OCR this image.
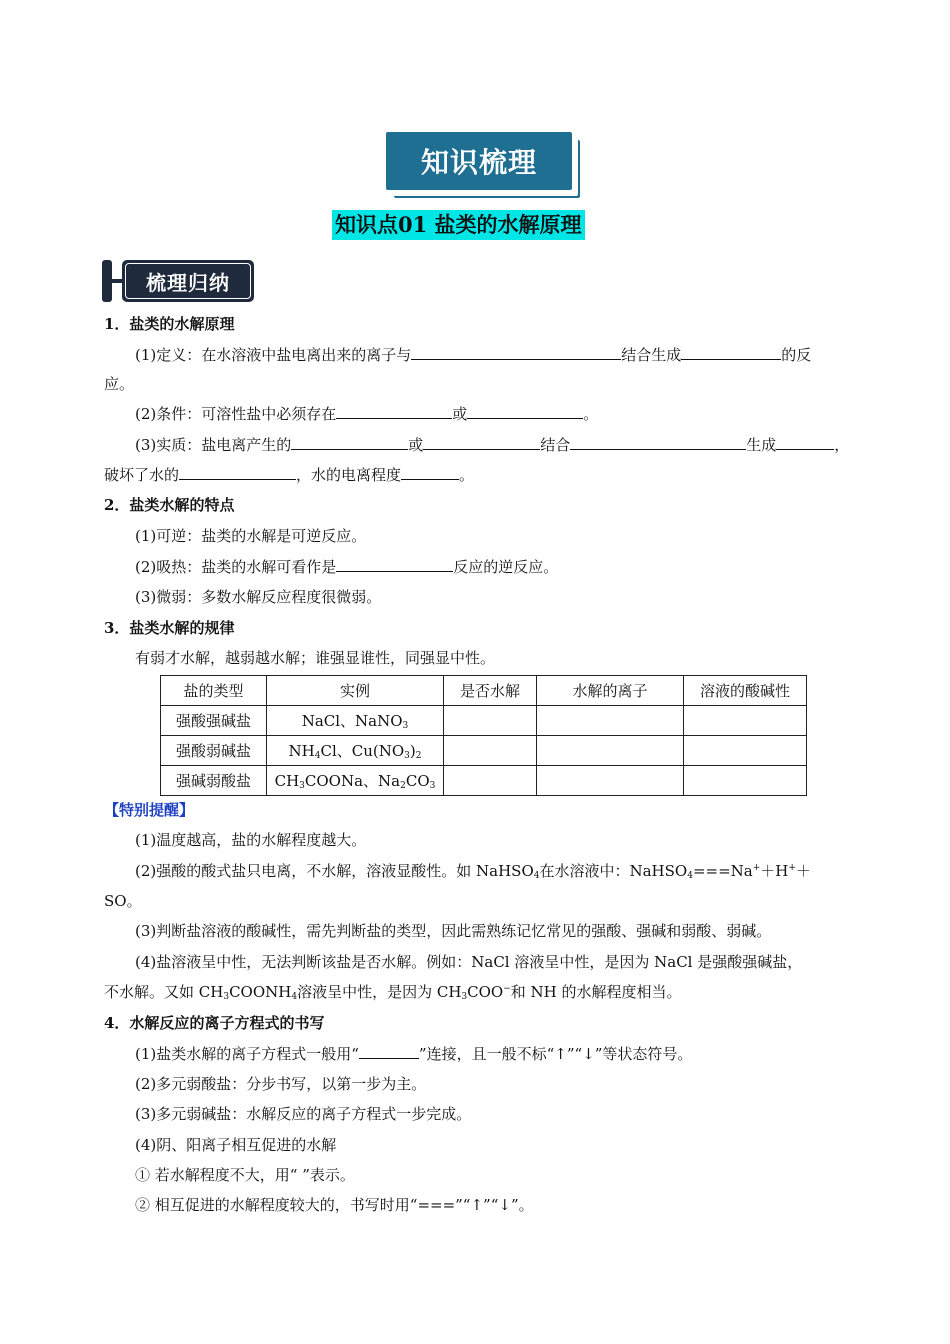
知识梳理
知识点01 盐类的水解原理
梳理归纳
1．盐类的水解原理
(1)定义：在水溶液中盐电离出来的离子与	结合生成	的反
应。
(2)条件：可溶性盐中必须存在	或	。
(3)实质：盐电离产生的	或	结合	生成	，
破坏了水的	，水的电离程度	。
2．盐类水解的特点
(1)可逆：盐类的水解是可逆反应。
(2)吸热：盐类的水解可看作是	反应的逆反应。
(3)微弱：多数水解反应程度很微弱。
3．盐类水解的规律
有弱才水解，越弱越水解；谁强显谁性，同强显中性。
盐的类型	实例	是否水解	水解的离子	溶液的酸碱性
强酸强碱盐	NaCl、NaNO$_3$			
强酸弱碱盐	$NH_4Cl$、$Cu(NO_3)_2$			
强碱弱酸盐	$CH_3COONa$、$Na_2CO_3$			
【特别提醒】
(1)温度越高，盐的水解程度越大。
(2)强酸的酸式盐只电离，不水解，溶液显酸性。如 NaHSO$_4$在水溶液中：NaHSO$_4$===Na+＋H+＋
SO。
(3)判断盐溶液的酸碱性，需先判断盐的类型，因此需熟练记忆常见的强酸、强碱和弱酸、弱碱。
(4)盐溶液呈中性，无法判断该盐是否水解。例如：NaCl 溶液呈中性，是因为 NaCl 是强酸强碱盐，
不水解。又如 $CH_3COONH_4$溶液呈中性，是因为 $CH_3COO^-$和 NH 的水解程度相当。
4．水解反应的离子方程式的书写
(1)盐类水解的离子方程式一般用“	”连接，且一般不标“↑”“↓”等状态符号。
(2)多元弱酸盐：分步书写，以第一步为主。
(3)多元弱碱盐：水解反应的离子方程式一步完成。
(4)阴、阳离子相互促进的水解
① 若水解程度不大，用“ ”表示。
② 相互促进的水解程度较大的，书写时用“===”“↑”“↓”。
